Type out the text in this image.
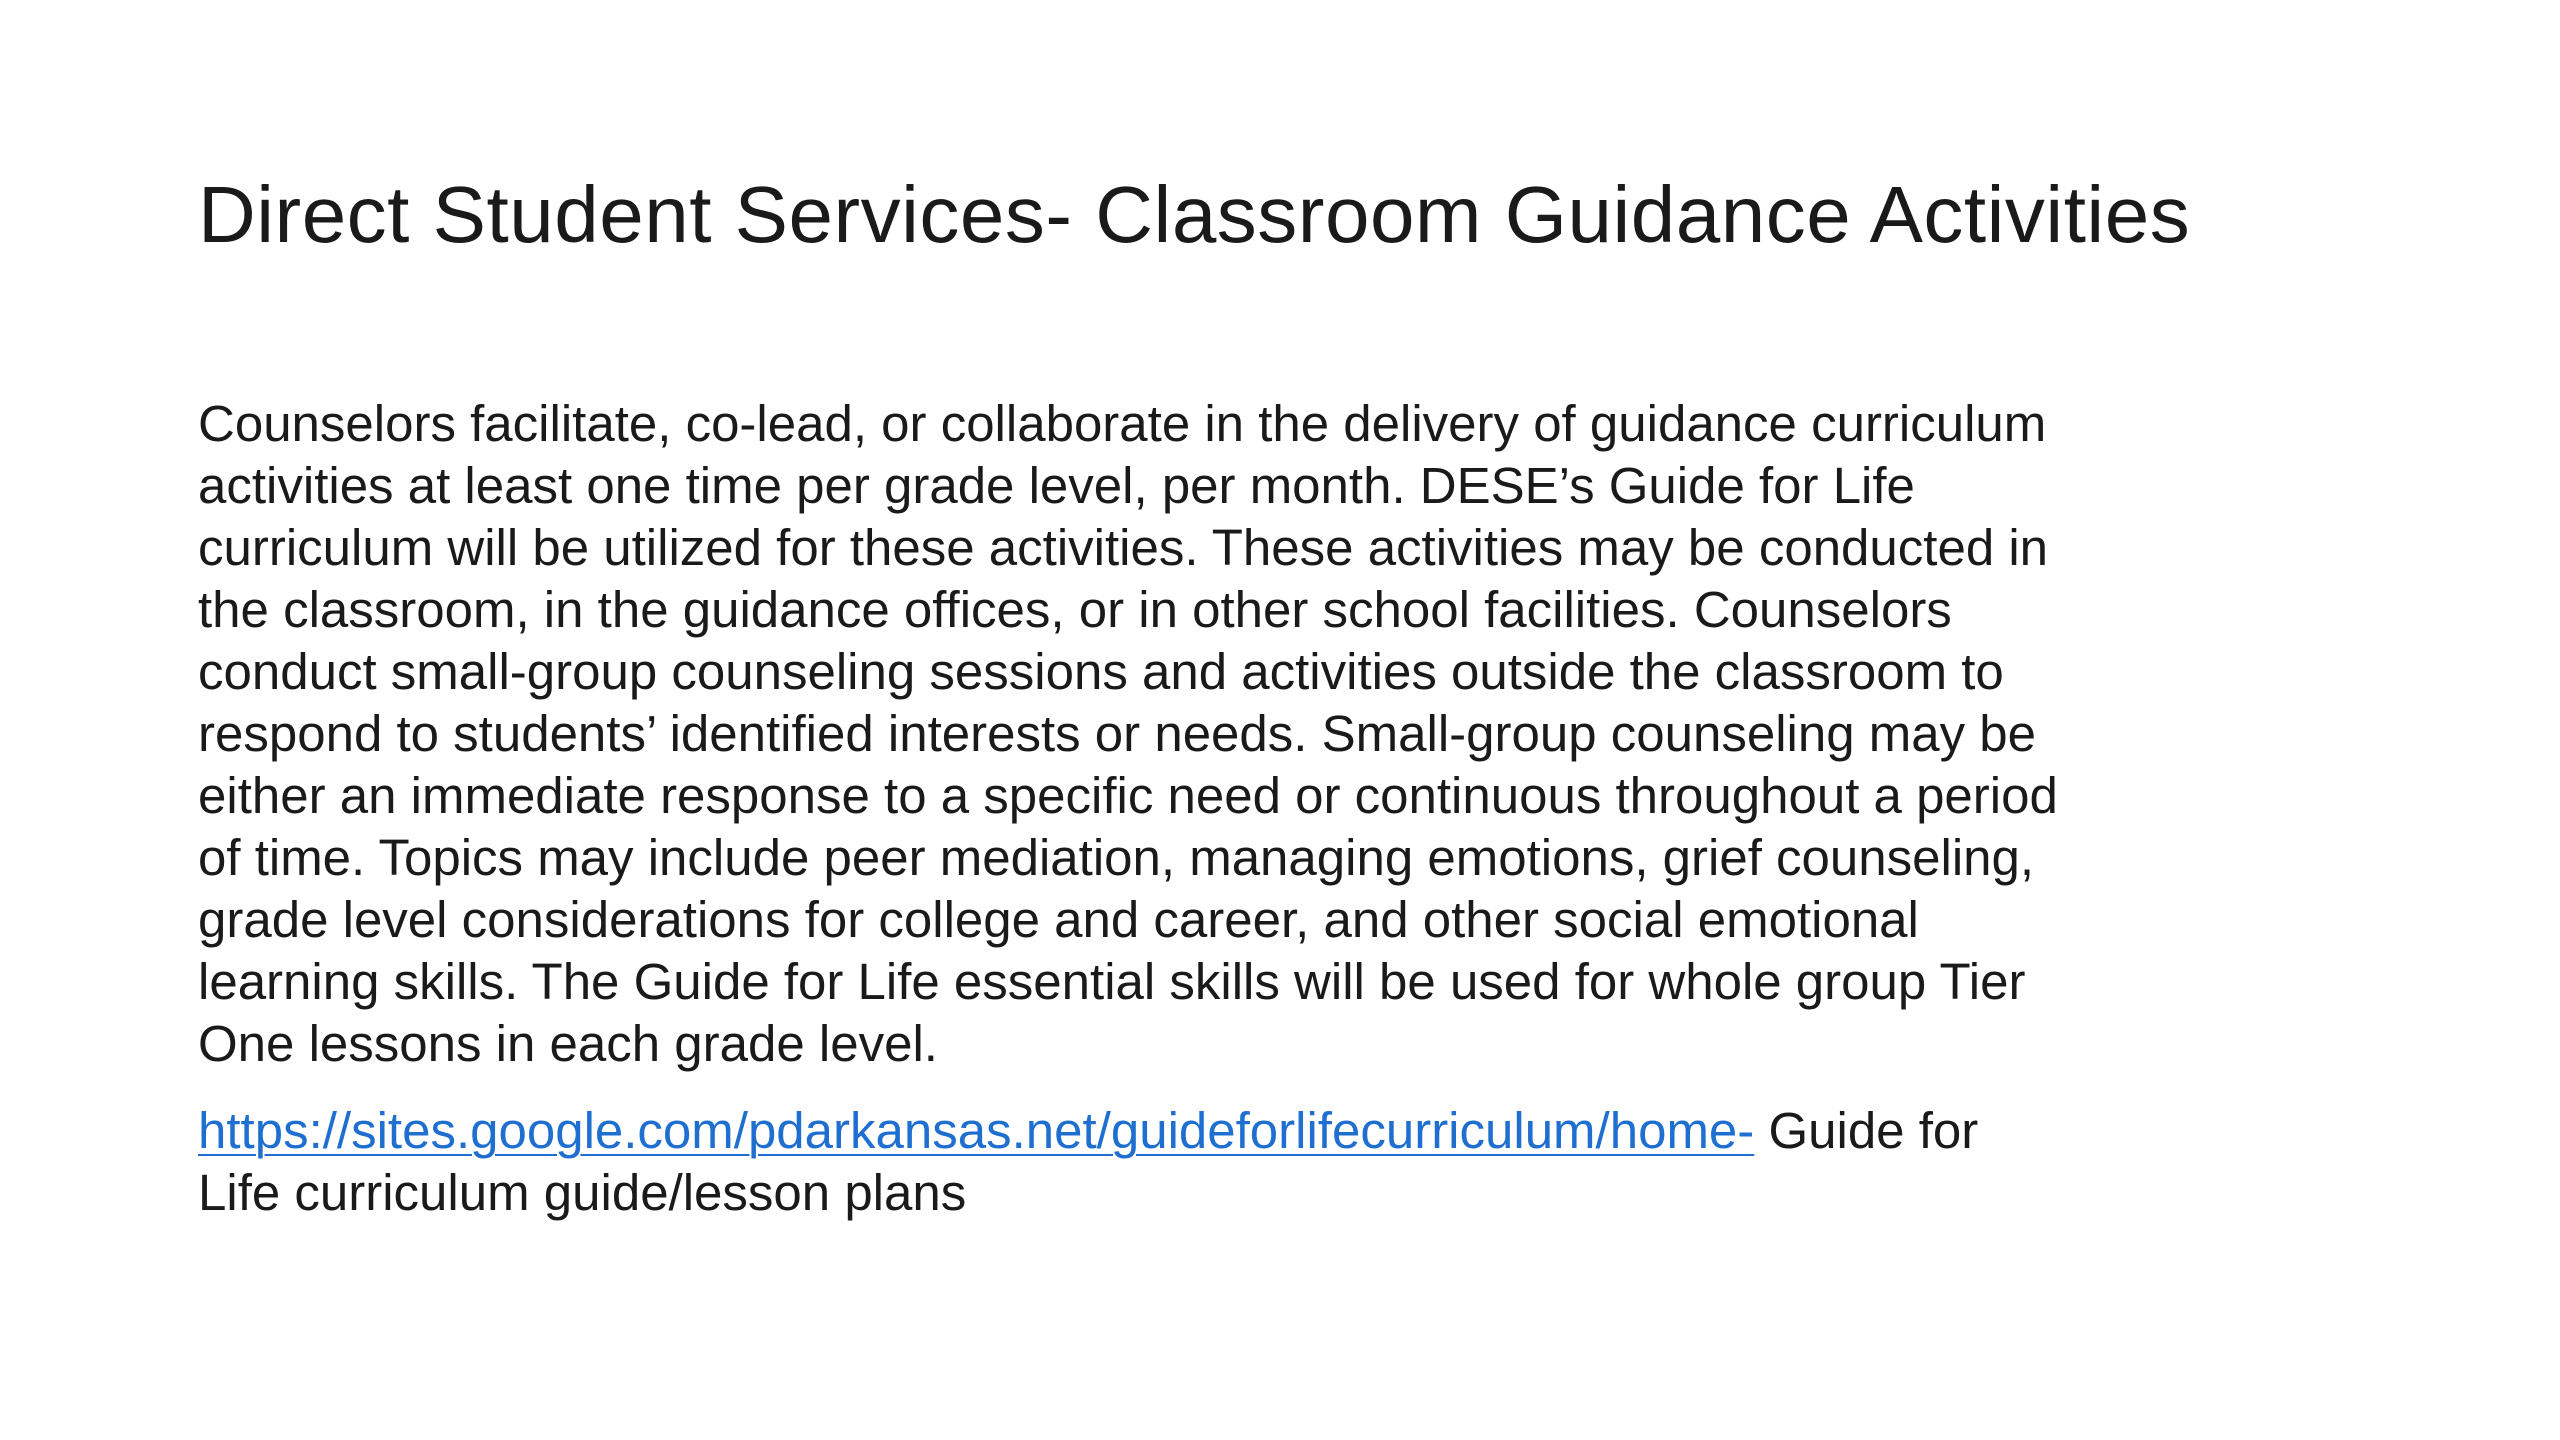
Direct Student Services- Classroom Guidance Activities

Counselors facilitate, co-lead, or collaborate in the delivery of guidance curriculum
activities at least one time per grade level, per month. DESE’s Guide for Life
curriculum will be utilized for these activities. These activities may be conducted in
the classroom, in the guidance offices, or in other school facilities. Counselors
conduct small-group counseling sessions and activities outside the classroom to
respond to students’ identified interests or needs. Small-group counseling may be
either an immediate response to a specific need or continuous throughout a period
of time. Topics may include peer mediation, managing emotions, grief counseling,
grade level considerations for college and career, and other social emotional
learning skills. The Guide for Life essential skills will be used for whole group Tier
One lessons in each grade level.

https://sites.google.com/pdarkansas.net/guideforlifecurriculum/home- Guide for
Life curriculum guide/lesson plans
